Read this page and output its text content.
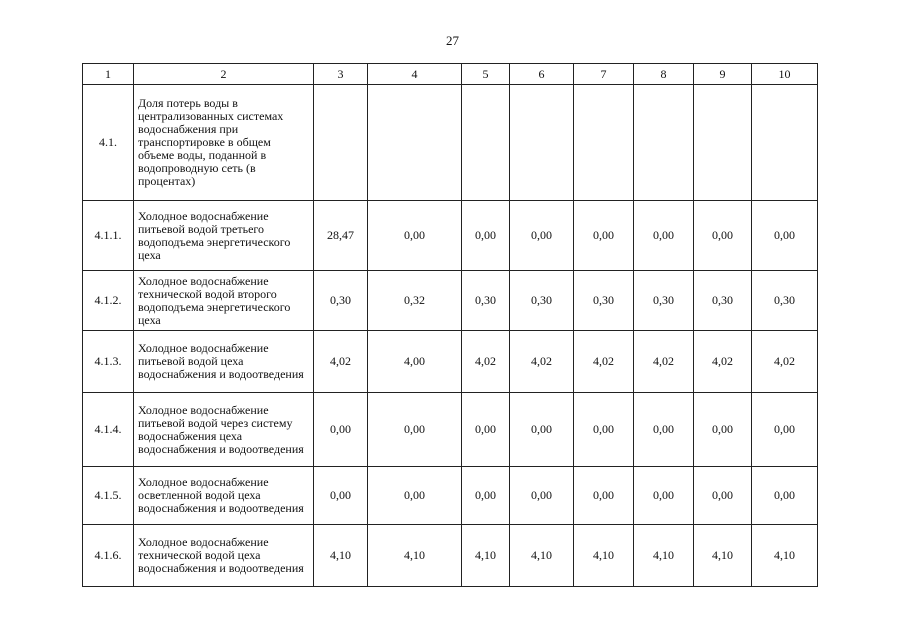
27
1	2	3	4	5	6	7	8	9	10
4.1.	Доля потерь воды в централизованных системах водоснабжения при транспортировке в общем объеме воды, поданной в водопроводную сеть (в процентах)								
4.1.1.	Холодное водоснабжение питьевой водой третьего водоподъема энергетического цеха	28,47	0,00	0,00	0,00	0,00	0,00	0,00	0,00
4.1.2.	Холодное водоснабжение технической водой второго водоподъема энергетического цеха	0,30	0,32	0,30	0,30	0,30	0,30	0,30	0,30
4.1.3.	Холодное водоснабжение питьевой водой цеха водоснабжения и водоотведения	4,02	4,00	4,02	4,02	4,02	4,02	4,02	4,02
4.1.4.	Холодное водоснабжение питьевой водой через систему водоснабжения цеха водоснабжения и водоотведения	0,00	0,00	0,00	0,00	0,00	0,00	0,00	0,00
4.1.5.	Холодное водоснабжение осветленной водой цеха водоснабжения и водоотведения	0,00	0,00	0,00	0,00	0,00	0,00	0,00	0,00
4.1.6.	Холодное водоснабжение технической водой цеха водоснабжения и водоотведения	4,10	4,10	4,10	4,10	4,10	4,10	4,10	4,10
